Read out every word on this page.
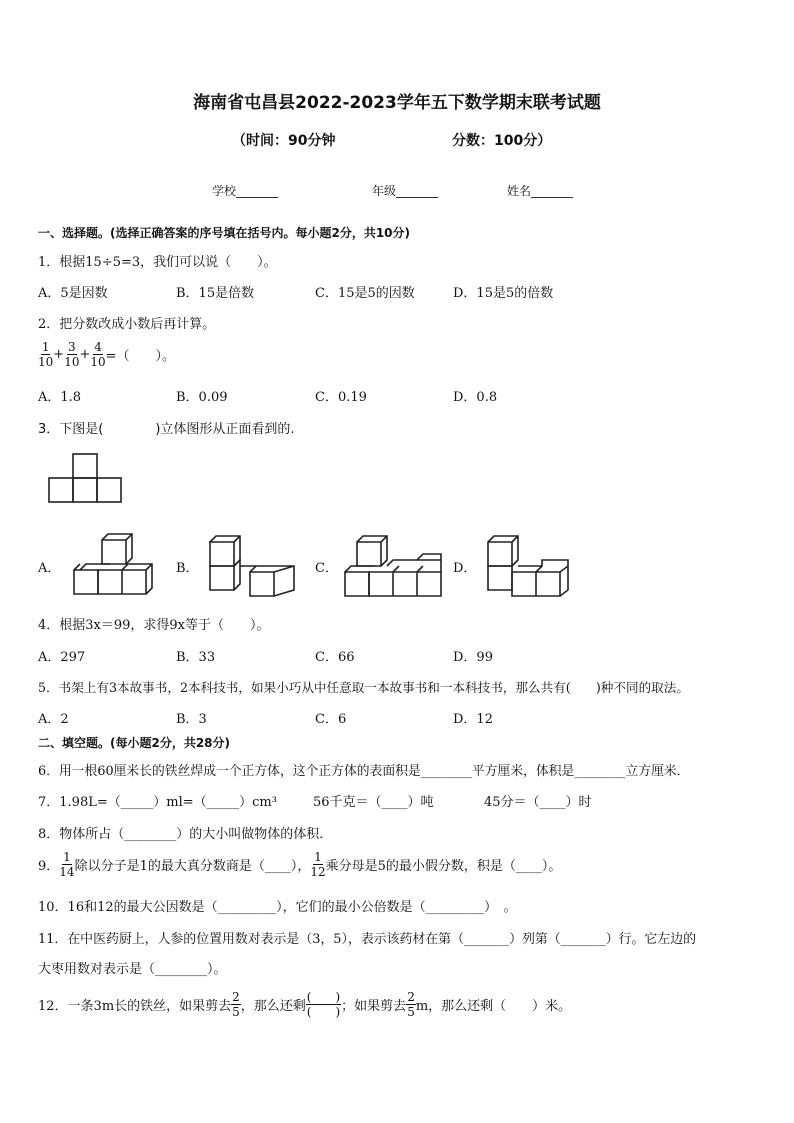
海南省屯昌县2022-2023学年五下数学期末联考试题
（时间：90分钟	分数：100分）
学校_______	年级_______	姓名_______
一、选择题。(选择正确答案的序号填在括号内。每小题2分，共10分)
1．根据15÷5=3，我们可以说（　　）。
A．5是因数	B．15是倍数	C．15是5的因数	D．15是5的倍数
2．把分数改成小数后再计算。
$\frac{1}{10} + \frac{3}{10} + \frac{4}{10}$ =（　　）。
A．1.8	B．0.09	C．0.19	D．0.8
3．下图是(　　　　)立体图形从正面看到的.
A．	B．	C．	D．
4．根据3x＝99，求得9x等于（　　）。
A．297	B．33	C．66	D．99
5．书架上有3本故事书，2本科技书，如果小巧从中任意取一本故事书和一本科技书，那么共有(　　)种不同的取法。
A．2	B．3	C．6	D．12
二、填空题。(每小题2分，共28分)
6．用一根60厘米长的铁丝焊成一个正方体，这个正方体的表面积是________平方厘米，体积是________立方厘米．
7．1.98L=（_____）ml=（_____）cm³	56千克＝（____）吨	45分＝（____）时
8．物体所占（________）的大小叫做物体的体积．
9． $\frac{1}{14}$ 除以分子是1的最大真分数商是（____）， $\frac{1}{12}$ 乘分母是5的最小假分数，积是（____）。
10．16和12的最大公因数是（_________），它们的最小公倍数是（_________）　。
11．在中医药厨上，人参的位置用数对表示是（3，5），表示该药材在第（_______）列第（_______）行。它左边的
大枣用数对表示是（________）。
12．一条3m长的铁丝，如果剪去 $\frac{2}{5}$ ，那么还剩 $\frac{( )}{( )}$ ；如果剪去 $\frac{2}{5}$ m，那么还剩（　　）米。
